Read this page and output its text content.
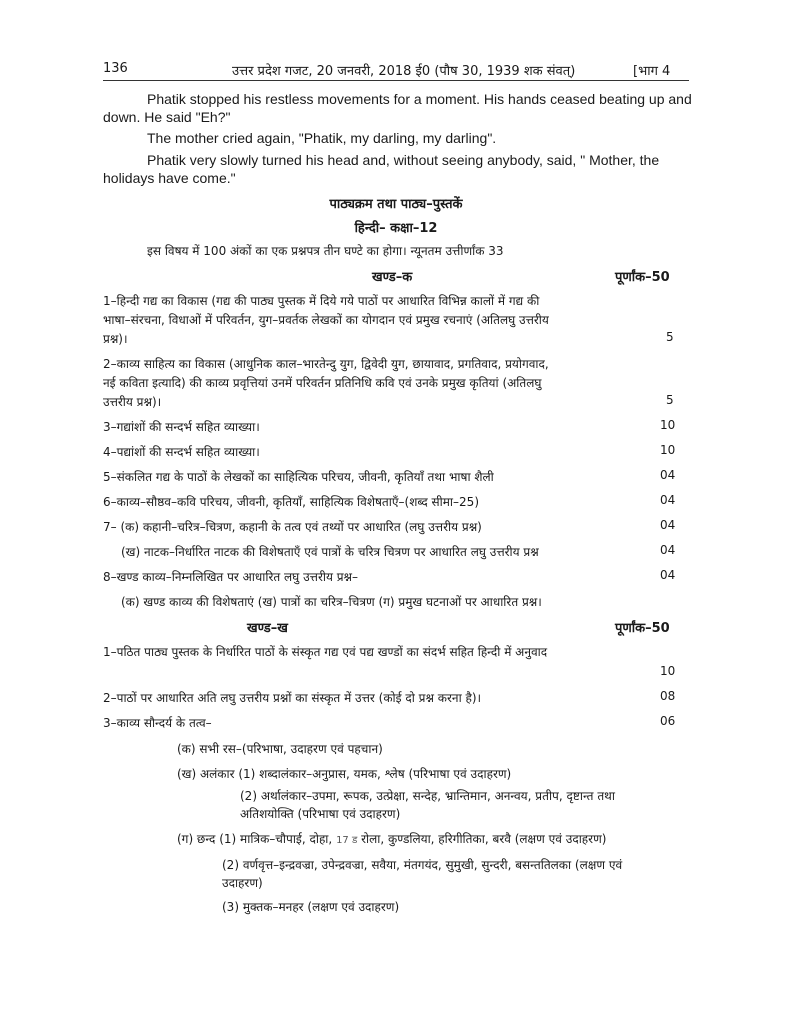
136	उत्तर प्रदेश गजट, 20 जनवरी, 2018 ई0 (पौष 30, 1939 शक संवत्)	[भाग 4
Phatik stopped his restless movements for a moment. His hands ceased beating up and
down. He said "Eh?"
The mother cried again, "Phatik, my darling, my darling".
Phatik very slowly turned his head and, without seeing anybody, said, " Mother, the
holidays have come."
पाठ्यक्रम तथा पाठ्य–पुस्तकें
हिन्दी– कक्षा–12
इस विषय में 100 अंकों का एक प्रश्नपत्र तीन घण्टे का होगा। न्यूनतम उत्तीर्णांक 33
खण्ड–क	पूर्णांक–50
1–हिन्दी गद्य का विकास (गद्य की पाठ्य पुस्तक में दिये गये पाठों पर आधारित विभिन्न कालों में गद्य की
भाषा–संरचना, विधाओं में परिवर्तन, युग–प्रवर्तक लेखकों का योगदान एवं प्रमुख रचनाएं (अतिलघु उत्तरीय
प्रश्न)।	5
2–काव्य साहित्य का विकास (आधुनिक काल–भारतेन्दु युग, द्विवेदी युग, छायावाद, प्रगतिवाद, प्रयोगवाद,
नई कविता इत्यादि) की काव्य प्रवृत्तियां उनमें परिवर्तन प्रतिनिधि कवि एवं उनके प्रमुख कृतियां (अतिलघु
उत्तरीय प्रश्न)।	5
3–गद्यांशों की सन्दर्भ सहित व्याख्या।	10
4–पद्यांशों की सन्दर्भ सहित व्याख्या।	10
5–संकलित गद्य के पाठों के लेखकों का साहित्यिक परिचय, जीवनी, कृतियाँ तथा भाषा शैली	04
6–काव्य–सौष्ठव–कवि परिचय, जीवनी, कृतियाँ, साहित्यिक विशेषताएँ–(शब्द सीमा–25)	04
7– (क) कहानी–चरित्र–चित्रण, कहानी के तत्व एवं तथ्यों पर आधारित (लघु उत्तरीय प्रश्न)	04
(ख) नाटक–निर्धारित नाटक की विशेषताएँ एवं पात्रों के चरित्र चित्रण पर आधारित लघु उत्तरीय प्रश्न	04
8–खण्ड काव्य–निम्नलिखित पर आधारित लघु उत्तरीय प्रश्न–	04
(क) खण्ड काव्य की विशेषताएं (ख) पात्रों का चरित्र–चित्रण (ग) प्रमुख घटनाओं पर आधारित प्रश्न।
खण्ड–ख	पूर्णांक–50
1–पठित पाठ्य पुस्तक के निर्धारित पाठों के संस्कृत गद्य एवं पद्य खण्डों का संदर्भ सहित हिन्दी में अनुवाद
10
2–पाठों पर आधारित अति लघु उत्तरीय प्रश्नों का संस्कृत में उत्तर (कोई दो प्रश्न करना है)।	08
3–काव्य सौन्दर्य के तत्व–	06
(क) सभी रस–(परिभाषा, उदाहरण एवं पहचान)
(ख) अलंकार (1) शब्दालंकार–अनुप्रास, यमक, श्लेष (परिभाषा एवं उदाहरण)
(2) अर्थालंकार–उपमा, रूपक, उत्प्रेक्षा, सन्देह, भ्रान्तिमान, अनन्वय, प्रतीप, दृष्टान्त तथा
अतिशयोक्ति (परिभाषा एवं उदाहरण)
(ग) छन्द (1) मात्रिक–चौपाई, दोहा, 17 ड रोला, कुण्डलिया, हरिगीतिका, बरवै (लक्षण एवं उदाहरण)
(2) वर्णवृत्त–इन्द्रवज्रा, उपेन्द्रवज्रा, सवैया, मंतगयंद, सुमुखी, सुन्दरी, बसन्ततिलका (लक्षण एवं
उदाहरण)
(3) मुक्तक–मनहर (लक्षण एवं उदाहरण)
